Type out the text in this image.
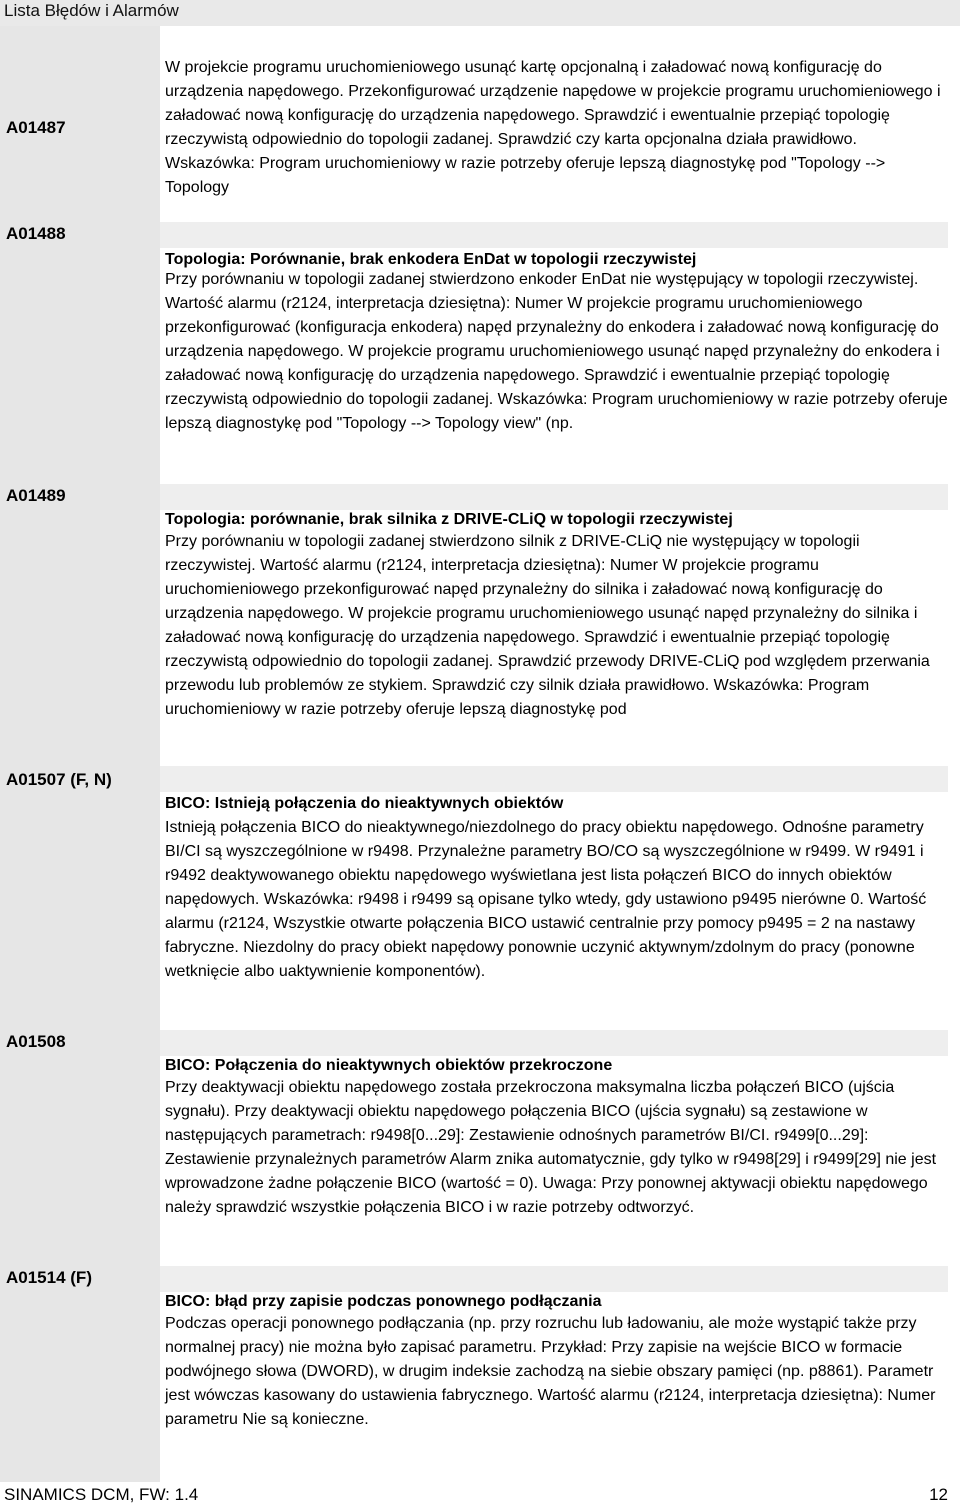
Lista Błędów i Alarmów
A01487
W projekcie programu uruchomieniowego usunąć kartę opcjonalną i załadować nową konfigurację do urządzenia napędowego. Przekonfigurować urządzenie napędowe w projekcie programu uruchomieniowego i załadować nową konfigurację do urządzenia napędowego. Sprawdzić i ewentualnie przepiąć topologię rzeczywistą odpowiednio do topologii zadanej. Sprawdzić czy karta opcjonalna działa prawidłowo. Wskazówka: Program uruchomieniowy w razie potrzeby oferuje lepszą diagnostykę pod "Topology --> Topology
A01488
Topologia: Porównanie, brak enkodera EnDat w topologii rzeczywistej
Przy porównaniu w topologii zadanej stwierdzono enkoder EnDat nie występujący w topologii rzeczywistej. Wartość alarmu (r2124, interpretacja dziesiętna): Numer W projekcie programu uruchomieniowego przekonfigurować (konfiguracja enkodera) napęd przynależny do enkodera i załadować nową konfigurację do urządzenia napędowego. W projekcie programu uruchomieniowego usunąć napęd przynależny do enkodera i załadować nową konfigurację do urządzenia napędowego. Sprawdzić i ewentualnie przepiąć topologię rzeczywistą odpowiednio do topologii zadanej. Wskazówka: Program uruchomieniowy w razie potrzeby oferuje lepszą diagnostykę pod "Topology --> Topology view" (np.
A01489
Topologia: porównanie, brak silnika z DRIVE-CLiQ w topologii rzeczywistej
Przy porównaniu w topologii zadanej stwierdzono silnik z DRIVE-CLiQ nie występujący w topologii rzeczywistej. Wartość alarmu (r2124, interpretacja dziesiętna): Numer W projekcie programu uruchomieniowego przekonfigurować napęd przynależny do silnika i załadować nową konfigurację do urządzenia napędowego. W projekcie programu uruchomieniowego usunąć napęd przynależny do silnika i załadować nową konfigurację do urządzenia napędowego. Sprawdzić i ewentualnie przepiąć topologię rzeczywistą odpowiednio do topologii zadanej. Sprawdzić przewody DRIVE-CLiQ pod względem przerwania przewodu lub problemów ze stykiem. Sprawdzić czy silnik działa prawidłowo. Wskazówka: Program uruchomieniowy w razie potrzeby oferuje lepszą diagnostykę pod
A01507 (F, N)
BICO: Istnieją połączenia do nieaktywnych obiektów
Istnieją połączenia BICO do nieaktywnego/niezdolnego do pracy obiektu napędowego. Odnośne parametry BI/CI są wyszczególnione w r9498. Przynależne parametry BO/CO są wyszczególnione w r9499. W r9491 i r9492 deaktywowanego obiektu napędowego wyświetlana jest lista połączeń BICO do innych obiektów napędowych. Wskazówka: r9498 i r9499 są opisane tylko wtedy, gdy ustawiono p9495 nierówne 0. Wartość alarmu (r2124, Wszystkie otwarte połączenia BICO ustawić centralnie przy pomocy p9495 = 2 na nastawy fabryczne. Niezdolny do pracy obiekt napędowy ponownie uczynić aktywnym/zdolnym do pracy (ponowne wetknięcie albo uaktywnienie komponentów).
A01508
BICO: Połączenia do nieaktywnych obiektów przekroczone
Przy deaktywacji obiektu napędowego została przekroczona maksymalna liczba połączeń BICO (ujścia sygnału). Przy deaktywacji obiektu napędowego połączenia BICO (ujścia sygnału) są zestawione w następujących parametrach: r9498[0...29]: Zestawienie odnośnych parametrów BI/CI. r9499[0...29]: Zestawienie przynależnych parametrów Alarm znika automatycznie, gdy tylko w r9498[29] i r9499[29] nie jest wprowadzone żadne połączenie BICO (wartość = 0). Uwaga: Przy ponownej aktywacji obiektu napędowego należy sprawdzić wszystkie połączenia BICO i w razie potrzeby odtworzyć.
A01514 (F)
BICO: błąd przy zapisie podczas ponownego podłączania
Podczas operacji ponownego podłączania (np. przy rozruchu lub ładowaniu, ale może wystąpić także przy normalnej pracy) nie można było zapisać parametru. Przykład: Przy zapisie na wejście BICO w formacie podwójnego słowa (DWORD), w drugim indeksie zachodzą na siebie obszary pamięci (np. p8861). Parametr jest wówczas kasowany do ustawienia fabrycznego. Wartość alarmu (r2124, interpretacja dziesiętna): Numer parametru Nie są konieczne.
SINAMICS DCM, FW: 1.4	12
